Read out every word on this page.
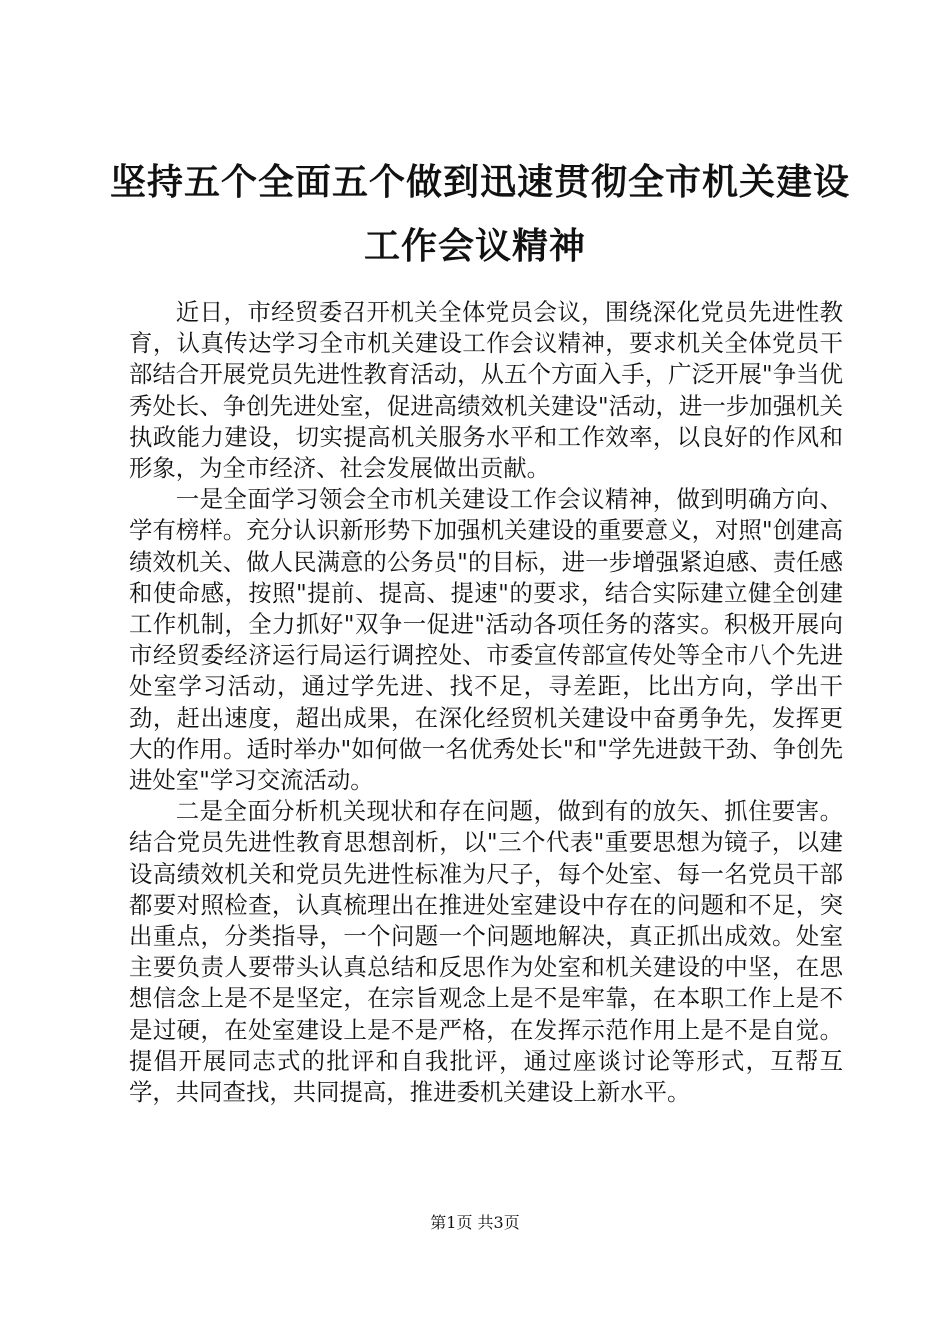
坚持五个全面五个做到迅速贯彻全市机关建设
工作会议精神

近日，市经贸委召开机关全体党员会议，围绕深化党员先进性教育，认真传达学习全市机关建设工作会议精神，要求机关全体党员干部结合开展党员先进性教育活动，从五个方面入手，广泛开展"争当优秀处长、争创先进处室，促进高绩效机关建设"活动，进一步加强机关执政能力建设，切实提高机关服务水平和工作效率，以良好的作风和形象，为全市经济、社会发展做出贡献。

一是全面学习领会全市机关建设工作会议精神，做到明确方向、学有榜样。充分认识新形势下加强机关建设的重要意义，对照"创建高绩效机关、做人民满意的公务员"的目标，进一步增强紧迫感、责任感和使命感，按照"提前、提高、提速"的要求，结合实际建立健全创建工作机制，全力抓好"双争一促进"活动各项任务的落实。积极开展向市经贸委经济运行局运行调控处、市委宣传部宣传处等全市八个先进处室学习活动，通过学先进、找不足，寻差距，比出方向，学出干劲，赶出速度，超出成果，在深化经贸机关建设中奋勇争先，发挥更大的作用。适时举办"如何做一名优秀处长"和"学先进鼓干劲、争创先进处室"学习交流活动。

二是全面分析机关现状和存在问题，做到有的放矢、抓住要害。结合党员先进性教育思想剖析，以"三个代表"重要思想为镜子，以建设高绩效机关和党员先进性标准为尺子，每个处室、每一名党员干部都要对照检查，认真梳理出在推进处室建设中存在的问题和不足，突出重点，分类指导，一个问题一个问题地解决，真正抓出成效。处室主要负责人要带头认真总结和反思作为处室和机关建设的中坚，在思想信念上是不是坚定，在宗旨观念上是不是牢靠，在本职工作上是不是过硬，在处室建设上是不是严格，在发挥示范作用上是不是自觉。提倡开展同志式的批评和自我批评，通过座谈讨论等形式，互帮互学，共同查找，共同提高，推进委机关建设上新水平。

第1页 共3页
